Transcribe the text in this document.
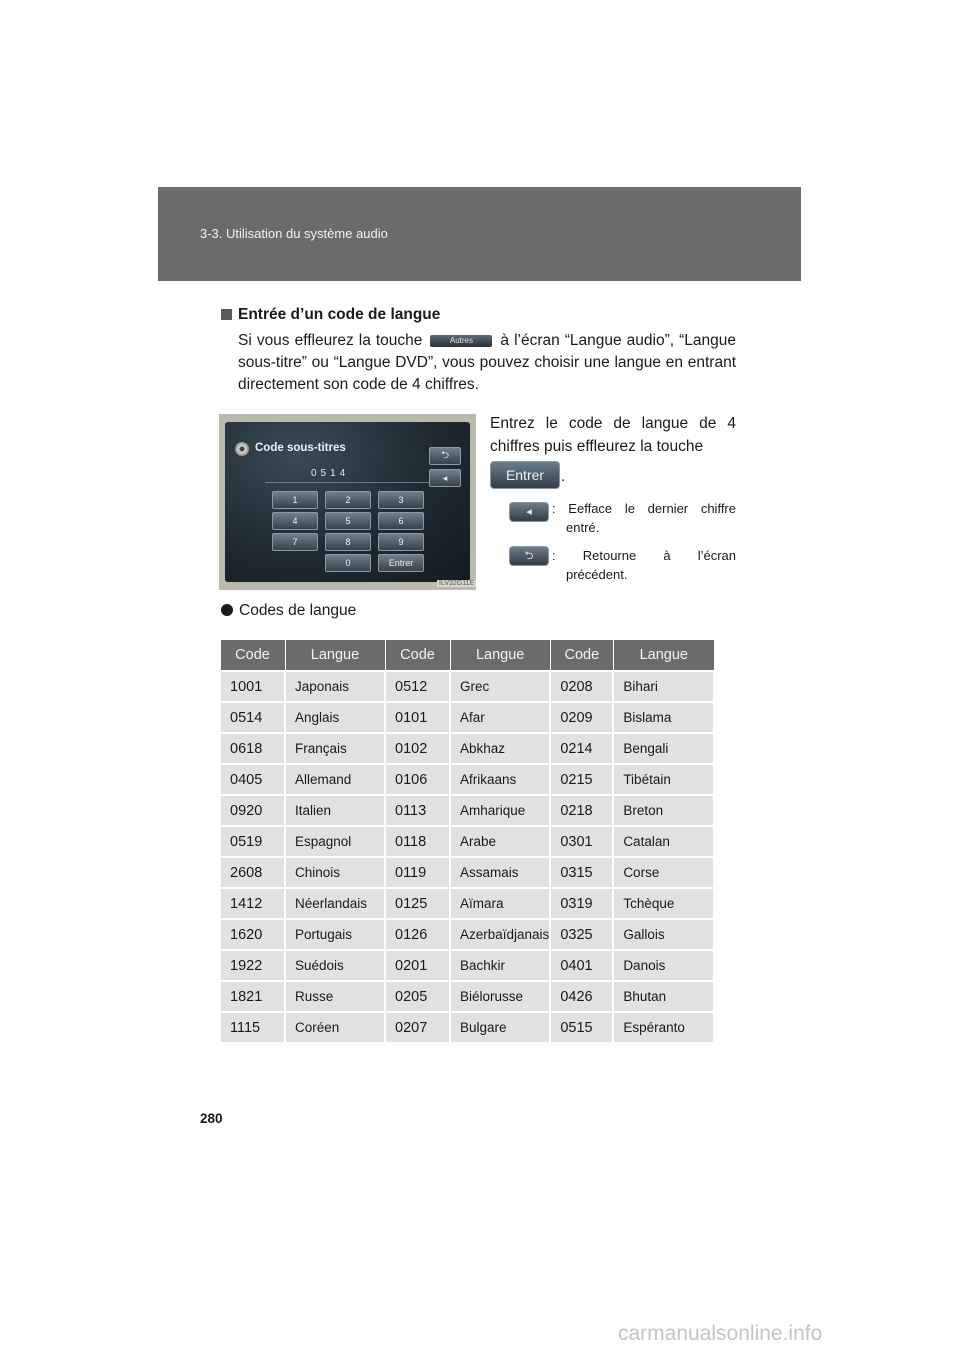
3-3. Utilisation du système audio
Entrée d’un code de langue
Si vous effleurez la touche	Autres à l’écran “Langue audio”, “Langue sous-titre” ou “Langue DVD”, vous pouvez choisir une langue en entrant directement son code de 4 chiffres.
Code sous-titres
0514
⮌
◂
1	2	3
4	5	6
7	8	9
0	Entrer
ILV32G11E
Entrez le code de langue de 4 chiffres puis effleurez la touche
Entrer	.
◂	: Eefface le dernier chiffre
entré.
⮌	: Retourne à l’écran
précédent.
Codes de langue
Code	Langue	Code	Langue	Code	Langue
1001	Japonais	0512	Grec	0208	Bihari
0514	Anglais	0101	Afar	0209	Bislama
0618	Français	0102	Abkhaz	0214	Bengali
0405	Allemand	0106	Afrikaans	0215	Tibétain
0920	Italien	0113	Amharique	0218	Breton
0519	Espagnol	0118	Arabe	0301	Catalan
2608	Chinois	0119	Assamais	0315	Corse
1412	Néerlandais	0125	Aïmara	0319	Tchèque
1620	Portugais	0126	Azerbaïdjanais	0325	Gallois
1922	Suédois	0201	Bachkir	0401	Danois
1821	Russe	0205	Biélorusse	0426	Bhutan
1115	Coréen	0207	Bulgare	0515	Espéranto
280
carmanualsonline.info
